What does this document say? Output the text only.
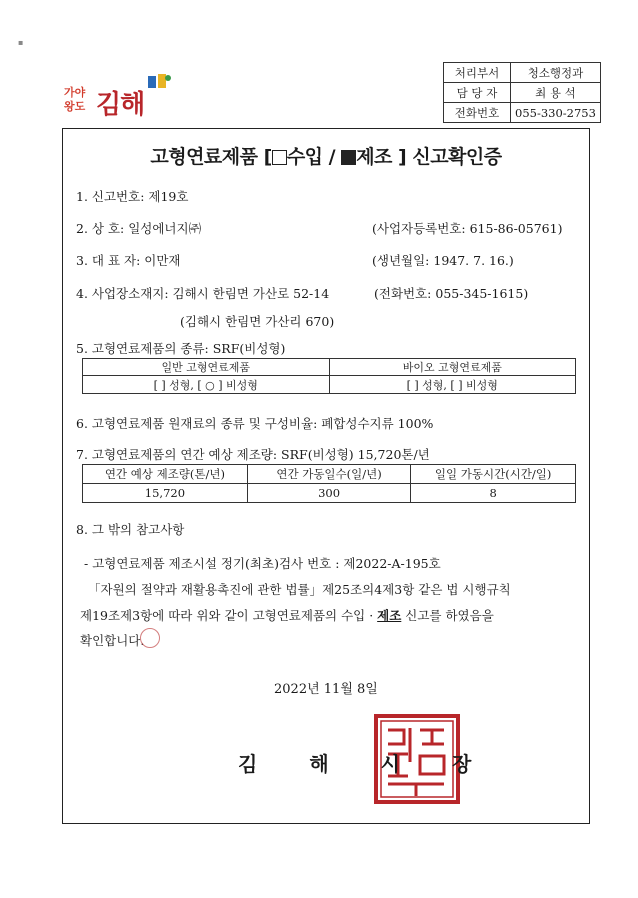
▪
가야
왕도 김해
처리부서	청소행정과
담 당 자	최 용 석
전화번호	055-330-2753
고형연료제품 [ 수입 / 제조 ] 신고확인증
1. 신고번호: 제19호
2. 상 호: 일성에너지㈜	(사업자등록번호: 615-86-05761)
3. 대 표 자: 이만재	(생년월일: 1947. 7. 16.)
4. 사업장소재지: 김해시 한림면 가산로 52-14	(전화번호: 055-345-1615)
(김해시 한림면 가산리 670)
5. 고형연료제품의 종류: SRF(비성형)
일반 고형연료제품	바이오 고형연료제품
[ ] 성형, [ ○ ] 비성형	[ ] 성형, [ ] 비성형
6. 고형연료제품 원재료의 종류 및 구성비율: 폐합성수지류 100%
7. 고형연료제품의 연간 예상 제조량: SRF(비성형) 15,720톤/년
연간 예상 제조량(톤/년)	연간 가동일수(일/년)	일일 가동시간(시간/일)
15,720	300	8
8. 그 밖의 참고사항
- 고형연료제품 제조시설 정기(최초)검사 번호 : 제2022-A-195호
「자원의 절약과 재활용촉진에 관한 법률」제25조의4제3항 같은 법 시행규칙
제19조제3항에 따라 위와 같이 고형연료제품의 수입 · 제조 신고를 하였음을
확인합니다.
2022년 11월 8일
김	해	시	장
